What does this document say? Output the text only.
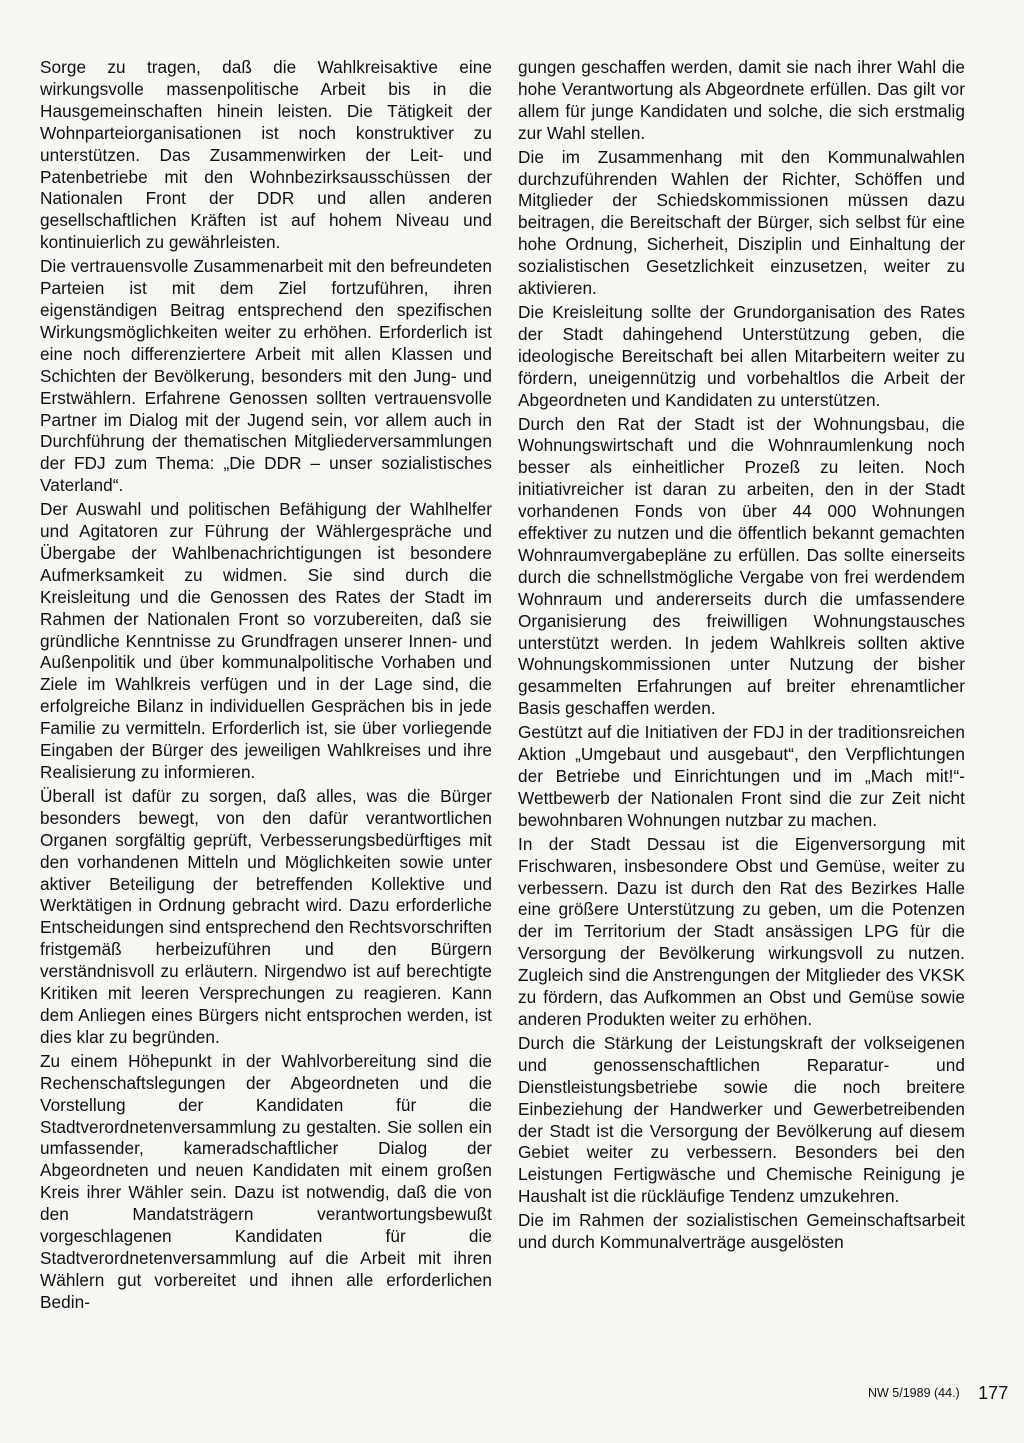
Sorge zu tragen, daß die Wahlkreisaktive eine wirkungsvolle massenpolitische Arbeit bis in die Hausgemeinschaften hinein leisten. Die Tätigkeit der Wohnparteiorganisationen ist noch konstruktiver zu unterstützen. Das Zusammenwirken der Leit- und Patenbetriebe mit den Wohnbezirksausschüssen der Nationalen Front der DDR und allen anderen gesellschaftlichen Kräften ist auf hohem Niveau und kontinuierlich zu gewährleisten.

Die vertrauensvolle Zusammenarbeit mit den befreundeten Parteien ist mit dem Ziel fortzuführen, ihren eigenständigen Beitrag entsprechend den spezifischen Wirkungsmöglichkeiten weiter zu erhöhen. Erforderlich ist eine noch differenziertere Arbeit mit allen Klassen und Schichten der Bevölkerung, besonders mit den Jung- und Erstwählern. Erfahrene Genossen sollten vertrauensvolle Partner im Dialog mit der Jugend sein, vor allem auch in Durchführung der thematischen Mitgliederversammlungen der FDJ zum Thema: „Die DDR – unser sozialistisches Vaterland“.

Der Auswahl und politischen Befähigung der Wahlhelfer und Agitatoren zur Führung der Wählergespräche und Übergabe der Wahlbenachrichtigungen ist besondere Aufmerksamkeit zu widmen. Sie sind durch die Kreisleitung und die Genossen des Rates der Stadt im Rahmen der Nationalen Front so vorzubereiten, daß sie gründliche Kenntnisse zu Grundfragen unserer Innen- und Außenpolitik und über kommunalpolitische Vorhaben und Ziele im Wahlkreis verfügen und in der Lage sind, die erfolgreiche Bilanz in individuellen Gesprächen bis in jede Familie zu vermitteln. Erforderlich ist, sie über vorliegende Eingaben der Bürger des jeweiligen Wahlkreises und ihre Realisierung zu informieren.

Überall ist dafür zu sorgen, daß alles, was die Bürger besonders bewegt, von den dafür verantwortlichen Organen sorgfältig geprüft, Verbesserungsbedürftiges mit den vorhandenen Mitteln und Möglichkeiten sowie unter aktiver Beteiligung der betreffenden Kollektive und Werktätigen in Ordnung gebracht wird. Dazu erforderliche Entscheidungen sind entsprechend den Rechtsvorschriften fristgemäß herbeizuführen und den Bürgern verständnisvoll zu erläutern. Nirgendwo ist auf berechtigte Kritiken mit leeren Versprechungen zu reagieren. Kann dem Anliegen eines Bürgers nicht entsprochen werden, ist dies klar zu begründen.

Zu einem Höhepunkt in der Wahlvorbereitung sind die Rechenschaftslegungen der Abgeordneten und die Vorstellung der Kandidaten für die Stadtverordnetenversammlung zu gestalten. Sie sollen ein umfassender, kameradschaftlicher Dialog der Abgeordneten und neuen Kandidaten mit einem großen Kreis ihrer Wähler sein. Dazu ist notwendig, daß die von den Mandatsträgern verantwortungsbewußt vorgeschlagenen Kandidaten für die Stadtverordnetenversammlung auf die Arbeit mit ihren Wählern gut vorbereitet und ihnen alle erforderlichen Bedin-

gungen geschaffen werden, damit sie nach ihrer Wahl die hohe Verantwortung als Abgeordnete erfüllen. Das gilt vor allem für junge Kandidaten und solche, die sich erstmalig zur Wahl stellen.

Die im Zusammenhang mit den Kommunalwahlen durchzuführenden Wahlen der Richter, Schöffen und Mitglieder der Schiedskommissionen müssen dazu beitragen, die Bereitschaft der Bürger, sich selbst für eine hohe Ordnung, Sicherheit, Disziplin und Einhaltung der sozialistischen Gesetzlichkeit einzusetzen, weiter zu aktivieren.

Die Kreisleitung sollte der Grundorganisation des Rates der Stadt dahingehend Unterstützung geben, die ideologische Bereitschaft bei allen Mitarbeitern weiter zu fördern, uneigennützig und vorbehaltlos die Arbeit der Abgeordneten und Kandidaten zu unterstützen.

Durch den Rat der Stadt ist der Wohnungsbau, die Wohnungswirtschaft und die Wohnraumlenkung noch besser als einheitlicher Prozeß zu leiten. Noch initiativreicher ist daran zu arbeiten, den in der Stadt vorhandenen Fonds von über 44 000 Wohnungen effektiver zu nutzen und die öffentlich bekannt gemachten Wohnraumvergabepläne zu erfüllen. Das sollte einerseits durch die schnellstmögliche Vergabe von frei werdendem Wohnraum und andererseits durch die umfassendere Organisierung des freiwilligen Wohnungstausches unterstützt werden. In jedem Wahlkreis sollten aktive Wohnungskommissionen unter Nutzung der bisher gesammelten Erfahrungen auf breiter ehrenamtlicher Basis geschaffen werden.

Gestützt auf die Initiativen der FDJ in der traditionsreichen Aktion „Umgebaut und ausgebaut“, den Verpflichtungen der Betriebe und Einrichtungen und im „Mach mit!“-Wettbewerb der Nationalen Front sind die zur Zeit nicht bewohnbaren Wohnungen nutzbar zu machen.

In der Stadt Dessau ist die Eigenversorgung mit Frischwaren, insbesondere Obst und Gemüse, weiter zu verbessern. Dazu ist durch den Rat des Bezirkes Halle eine größere Unterstützung zu geben, um die Potenzen der im Territorium der Stadt ansässigen LPG für die Versorgung der Bevölkerung wirkungsvoll zu nutzen. Zugleich sind die Anstrengungen der Mitglieder des VKSK zu fördern, das Aufkommen an Obst und Gemüse sowie anderen Produkten weiter zu erhöhen.

Durch die Stärkung der Leistungskraft der volkseigenen und genossenschaftlichen Reparatur- und Dienstleistungsbetriebe sowie die noch breitere Einbeziehung der Handwerker und Gewerbetreibenden der Stadt ist die Versorgung der Bevölkerung auf diesem Gebiet weiter zu verbessern. Besonders bei den Leistungen Fertigwäsche und Chemische Reinigung je Haushalt ist die rückläufige Tendenz umzukehren.

Die im Rahmen der sozialistischen Gemeinschaftsarbeit und durch Kommunalverträge ausgelösten

NW 5/1989 (44.) 177
